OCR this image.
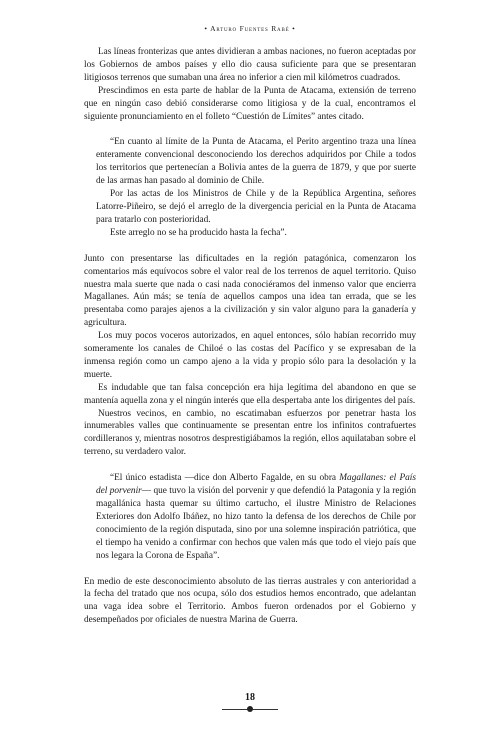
• Arturo Fuentes Rabé •

Las líneas fronterizas que antes dividieran a ambas naciones, no fueron aceptadas por los Gobiernos de ambos países y ello dio causa suficiente para que se presentaran litigiosos terrenos que sumaban una área no inferior a cien mil kilómetros cuadrados.

Prescindimos en esta parte de hablar de la Punta de Atacama, extensión de terreno que en ningún caso debió considerarse como litigiosa y de la cual, encontramos el siguiente pronunciamiento en el folleto “Cuestión de Límites” antes citado.

“En cuanto al límite de la Punta de Atacama, el Perito argentino traza una línea enteramente convencional desconociendo los derechos adquiridos por Chile a todos los territorios que pertenecían a Bolivia antes de la guerra de 1879, y que por suerte de las armas han pasado al dominio de Chile.

Por las actas de los Ministros de Chile y de la República Argentina, señores Latorre-Piñeiro, se dejó el arreglo de la divergencia pericial en la Punta de Atacama para tratarlo con posterioridad.

Este arreglo no se ha producido hasta la fecha”.

Junto con presentarse las dificultades en la región patagónica, comenzaron los comentarios más equívocos sobre el valor real de los terrenos de aquel territorio. Quiso nuestra mala suerte que nada o casi nada conociéramos del inmenso valor que encierra Magallanes. Aún más; se tenía de aquellos campos una idea tan errada, que se les presentaba como parajes ajenos a la civilización y sin valor alguno para la ganadería y agricultura.

Los muy pocos voceros autorizados, en aquel entonces, sólo habían recorrido muy someramente los canales de Chiloé o las costas del Pacífico y se expresaban de la inmensa región como un campo ajeno a la vida y propio sólo para la desolación y la muerte.

Es indudable que tan falsa concepción era hija legítima del abandono en que se mantenía aquella zona y el ningún interés que ella despertaba ante los dirigentes del país.

Nuestros vecinos, en cambio, no escatimaban esfuerzos por penetrar hasta los innumerables valles que continuamente se presentan entre los infinitos contrafuertes cordilleranos y, mientras nosotros desprestigiábamos la región, ellos aquilataban sobre el terreno, su verdadero valor.

“El único estadista —dice don Alberto Fagalde, en su obra Magallanes: el País del porvenir— que tuvo la visión del porvenir y que defendió la Patagonia y la región magallánica hasta quemar su último cartucho, el ilustre Ministro de Relaciones Exteriores don Adolfo Ibáñez, no hizo tanto la defensa de los derechos de Chile por conocimiento de la región disputada, sino por una solemne inspiración patriótica, que el tiempo ha venido a confirmar con hechos que valen más que todo el viejo país que nos legara la Corona de España”.

En medio de este desconocimiento absoluto de las tierras australes y con anterioridad a la fecha del tratado que nos ocupa, sólo dos estudios hemos encontrado, que adelantan una vaga idea sobre el Territorio. Ambos fueron ordenados por el Gobierno y desempeñados por oficiales de nuestra Marina de Guerra.

18
